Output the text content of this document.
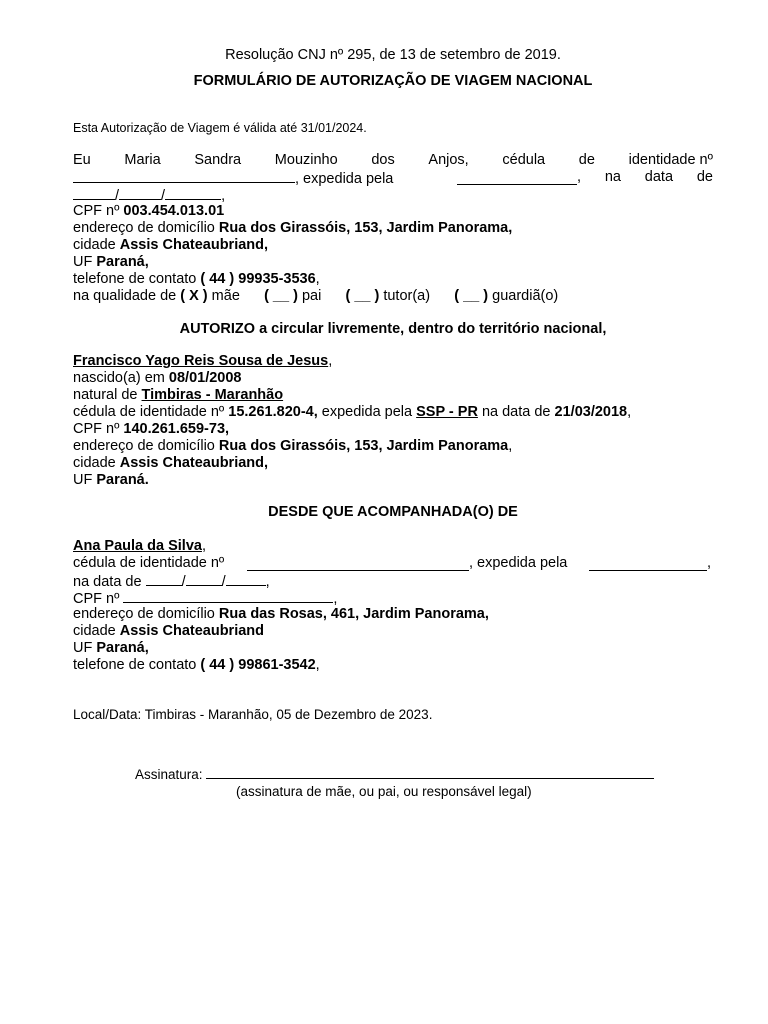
Resolução CNJ nº 295, de 13 de setembro de 2019.
FORMULÁRIO DE AUTORIZAÇÃO DE VIAGEM NACIONAL
Esta Autorização de Viagem é válida até 31/01/2024.
Eu Maria Sandra Mouzinho dos Anjos, cédula de identidade nº
, expedida pela	, na data de
/	/	,
CPF nº 003.454.013.01
endereço de domicílio Rua dos Girassóis, 153, Jardim Panorama,
cidade Assis Chateaubriand,
UF Paraná,
telefone de contato ( 44 ) 99935-3536,
na qualidade de ( X ) mãe ( __ ) pai ( __ ) tutor(a) ( __ ) guardiã(o)
AUTORIZO a circular livremente, dentro do território nacional,
Francisco Yago Reis Sousa de Jesus,
nascido(a) em 08/01/2008
natural de Timbiras - Maranhão
cédula de identidade nº 15.261.820-4, expedida pela SSP - PR na data de 21/03/2018,
CPF nº 140.261.659-73,
endereço de domicílio Rua dos Girassóis, 153, Jardim Panorama,
cidade Assis Chateaubriand,
UF Paraná.
DESDE QUE ACOMPANHADA(O) DE
Ana Paula da Silva,
cédula de identidade nº	, expedida pela	,
na data de	/ /	,
CPF nº	,
endereço de domicílio Rua das Rosas, 461, Jardim Panorama,
cidade Assis Chateaubriand
UF Paraná,
telefone de contato ( 44 ) 99861-3542,
Local/Data: Timbiras - Maranhão, 05 de Dezembro de 2023.
Assinatura:
(assinatura de mãe, ou pai, ou responsável legal)
